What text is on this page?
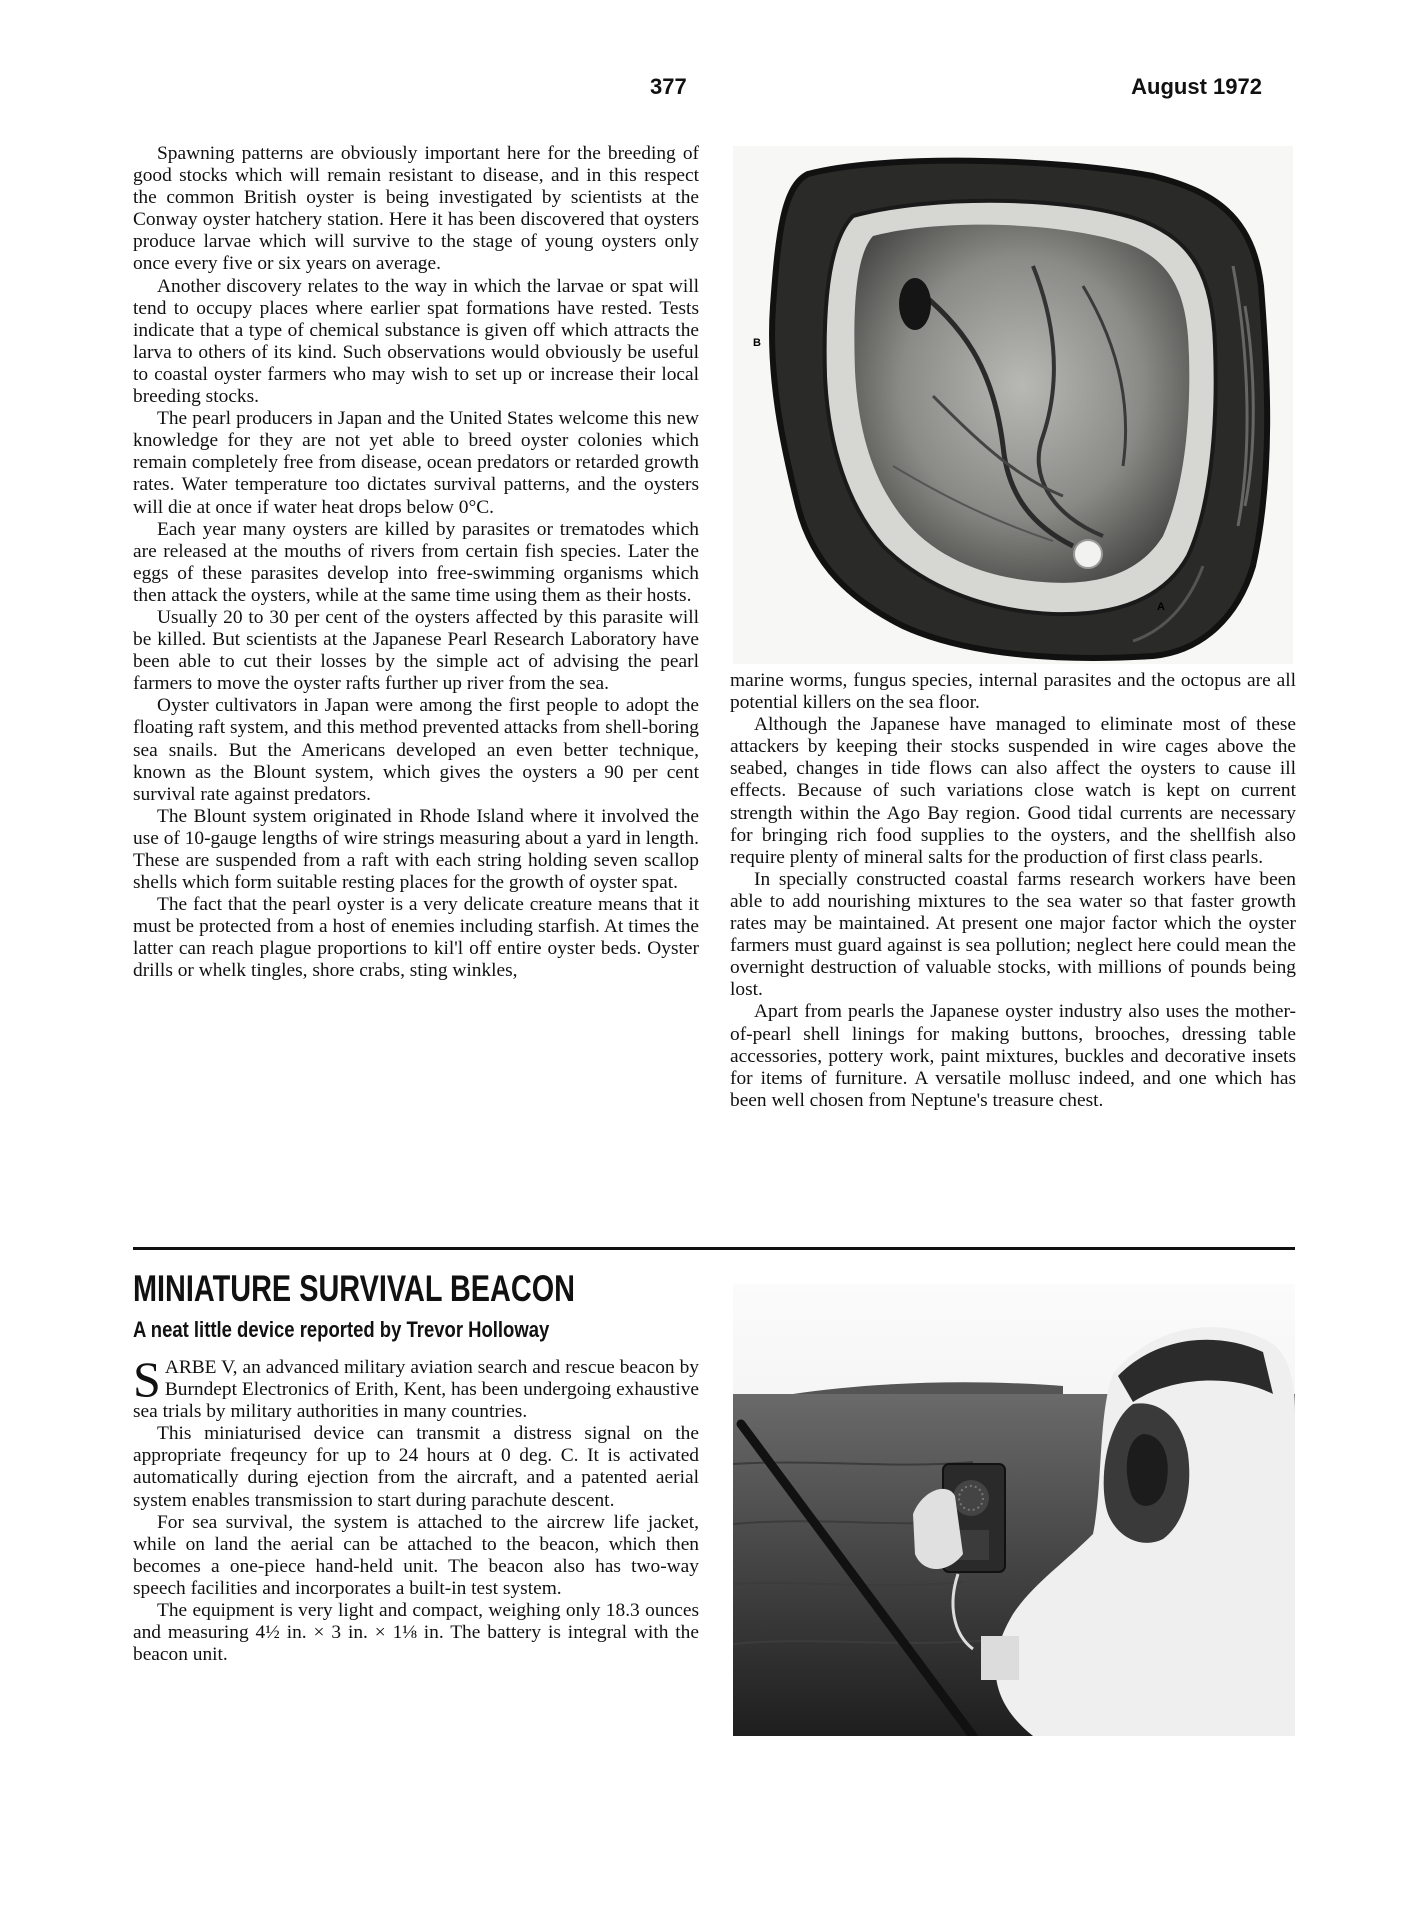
377	August 1972

Spawning patterns are obviously important here for the breeding of good stocks which will remain resistant to disease, and in this respect the common British oyster is being investigated by scientists at the Conway oyster hatchery station. Here it has been discovered that oysters produce larvae which will survive to the stage of young oysters only once every five or six years on average.

Another discovery relates to the way in which the larvae or spat will tend to occupy places where earlier spat formations have rested. Tests indicate that a type of chemical substance is given off which attracts the larva to others of its kind. Such observations would obviously be useful to coastal oyster farmers who may wish to set up or increase their local breeding stocks.

The pearl producers in Japan and the United States welcome this new knowledge for they are not yet able to breed oyster colonies which remain completely free from disease, ocean predators or retarded growth rates. Water temperature too dictates survival patterns, and the oysters will die at once if water heat drops below 0°C.

Each year many oysters are killed by parasites or trematodes which are released at the mouths of rivers from certain fish species. Later the eggs of these parasites develop into free-swimming organisms which then attack the oysters, while at the same time using them as their hosts.

Usually 20 to 30 per cent of the oysters affected by this parasite will be killed. But scientists at the Japanese Pearl Research Laboratory have been able to cut their losses by the simple act of advising the pearl farmers to move the oyster rafts further up river from the sea.

Oyster cultivators in Japan were among the first people to adopt the floating raft system, and this method prevented attacks from shell-boring sea snails. But the Americans developed an even better technique, known as the Blount system, which gives the oysters a 90 per cent survival rate against predators.

The Blount system originated in Rhode Island where it involved the use of 10-gauge lengths of wire strings measuring about a yard in length. These are suspended from a raft with each string holding seven scallop shells which form suitable resting places for the growth of oyster spat.

The fact that the pearl oyster is a very delicate creature means that it must be protected from a host of enemies including starfish. At times the latter can reach plague proportions to kil'l off entire oyster beds. Oyster drills or whelk tingles, shore crabs, sting winkles,

B
A

marine worms, fungus species, internal parasites and the octopus are all potential killers on the sea floor.

Although the Japanese have managed to eliminate most of these attackers by keeping their stocks suspended in wire cages above the seabed, changes in tide flows can also affect the oysters to cause ill effects. Because of such variations close watch is kept on current strength within the Ago Bay region. Good tidal currents are necessary for bringing rich food supplies to the oysters, and the shellfish also require plenty of mineral salts for the production of first class pearls.

In specially constructed coastal farms research workers have been able to add nourishing mixtures to the sea water so that faster growth rates may be maintained. At present one major factor which the oyster farmers must guard against is sea pollution; neglect here could mean the overnight destruction of valuable stocks, with millions of pounds being lost.

Apart from pearls the Japanese oyster industry also uses the mother-of-pearl shell linings for making buttons, brooches, dressing table accessories, pottery work, paint mixtures, buckles and decorative insets for items of furniture. A versatile mollusc indeed, and one which has been well chosen from Neptune's treasure chest.

MINIATURE SURVIVAL BEACON
A neat little device reported by Trevor Holloway

SARBE V, an advanced military aviation search and rescue beacon by Burndept Electronics of Erith, Kent, has been undergoing exhaustive sea trials by military authorities in many countries.

This miniaturised device can transmit a distress signal on the appropriate freqeuncy for up to 24 hours at 0 deg. C. It is activated automatically during ejection from the aircraft, and a patented aerial system enables transmission to start during parachute descent.

For sea survival, the system is attached to the aircrew life jacket, while on land the aerial can be attached to the beacon, which then becomes a one-piece hand-held unit. The beacon also has two-way speech facilities and incorporates a built-in test system.

The equipment is very light and compact, weighing only 18.3 ounces and measuring 4½ in. × 3 in. × 1⅛ in. The battery is integral with the beacon unit.
